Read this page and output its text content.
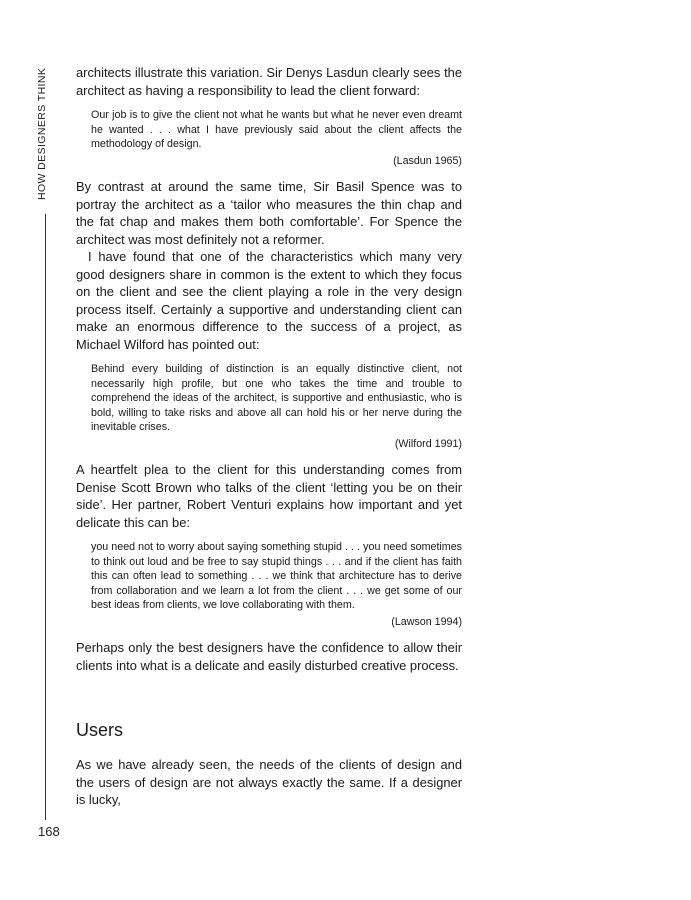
HOW DESIGNERS THINK
168

architects illustrate this variation. Sir Denys Lasdun clearly sees the architect as having a responsibility to lead the client forward:

Our job is to give the client not what he wants but what he never even dreamt he wanted . . . what I have previously said about the client affects the methodology of design.

(Lasdun 1965)

By contrast at around the same time, Sir Basil Spence was to portray the architect as a ‘tailor who measures the thin chap and the fat chap and makes them both comfortable’. For Spence the architect was most definitely not a reformer.

I have found that one of the characteristics which many very good designers share in common is the extent to which they focus on the client and see the client playing a role in the very design process itself. Certainly a supportive and understanding client can make an enormous difference to the success of a project, as Michael Wilford has pointed out:

Behind every building of distinction is an equally distinctive client, not necessarily high profile, but one who takes the time and trouble to comprehend the ideas of the architect, is supportive and enthusiastic, who is bold, willing to take risks and above all can hold his or her nerve during the inevitable crises.

(Wilford 1991)

A heartfelt plea to the client for this understanding comes from Denise Scott Brown who talks of the client ‘letting you be on their side’. Her partner, Robert Venturi explains how important and yet delicate this can be:

you need not to worry about saying something stupid . . . you need sometimes to think out loud and be free to say stupid things . . . and if the client has faith this can often lead to something . . . we think that architecture has to derive from collaboration and we learn a lot from the client . . . we get some of our best ideas from clients, we love collaborating with them.

(Lawson 1994)

Perhaps only the best designers have the confidence to allow their clients into what is a delicate and easily disturbed creative process.

Users

As we have already seen, the needs of the clients of design and the users of design are not always exactly the same. If a designer is lucky,
